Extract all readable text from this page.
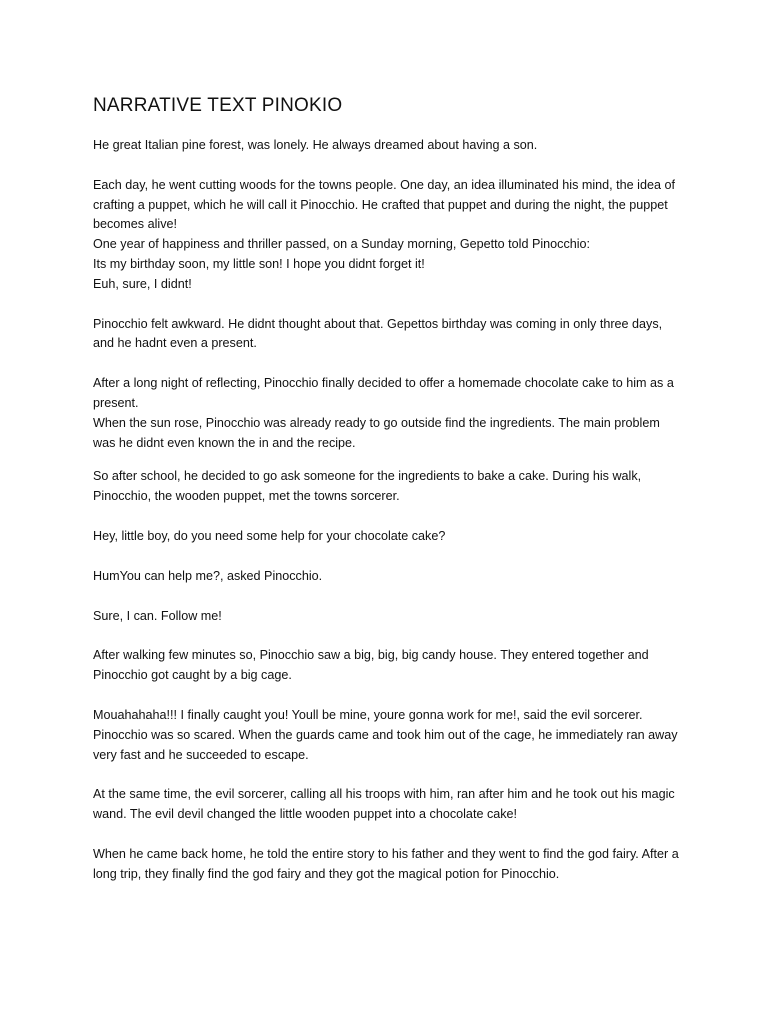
NARRATIVE TEXT PINOKIO

He great Italian pine forest, was lonely. He always dreamed about having a son.

Each day, he went cutting woods for the towns people. One day, an idea illuminated his mind, the idea of crafting a puppet, which he will call it Pinocchio. He crafted that puppet and during the night, the puppet becomes alive!

One year of happiness and thriller passed, on a Sunday morning, Gepetto told Pinocchio:

Its my birthday soon, my little son! I hope you didnt forget it!

Euh, sure, I didnt!

Pinocchio felt awkward. He didnt thought about that. Gepettos birthday was coming in only three days, and he hadnt even a present.

After a long night of reflecting, Pinocchio finally decided to offer a homemade chocolate cake to him as a present.

When the sun rose, Pinocchio was already ready to go outside find the ingredients. The main problem was he didnt even known the in and the recipe.

So after school, he decided to go ask someone for the ingredients to bake a cake. During his walk, Pinocchio, the wooden puppet, met the towns sorcerer.

Hey, little boy, do you need some help for your chocolate cake?

HumYou can help me?, asked Pinocchio.

Sure, I can. Follow me!

After walking few minutes so, Pinocchio saw a big, big, big candy house. They entered together and Pinocchio got caught by a big cage.

Mouahahaha!!! I finally caught you! Youll be mine, youre gonna work for me!, said the evil sorcerer. Pinocchio was so scared. When the guards came and took him out of the cage, he immediately ran away very fast and he succeeded to escape.

At the same time, the evil sorcerer, calling all his troops with him, ran after him and he took out his magic wand. The evil devil changed the little wooden puppet into a chocolate cake!

When he came back home, he told the entire story to his father and they went to find the god fairy. After a long trip, they finally find the god fairy and they got the magical potion for Pinocchio.
